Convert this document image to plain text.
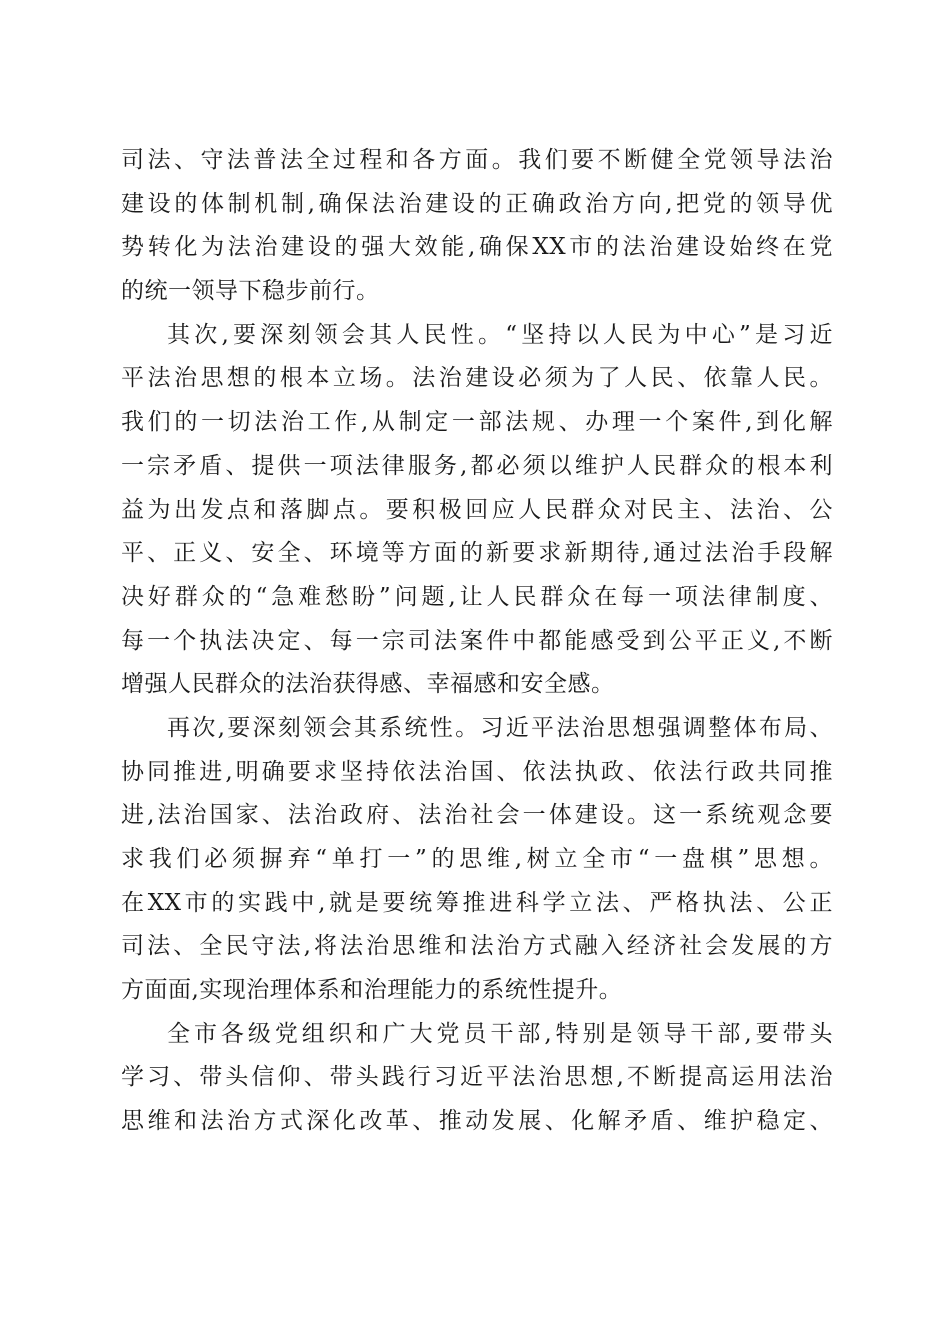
司法、守法普法全过程和各方面。我们要不断健全党领导法治
建设的体制机制,确保法治建设的正确政治方向,把党的领导优
势转化为法治建设的强大效能,确保XX市的法治建设始终在党
的统一领导下稳步前行。
其次,要深刻领会其人民性。“坚持以人民为中心”是习近
平法治思想的根本立场。法治建设必须为了人民、依靠人民。
我们的一切法治工作,从制定一部法规、办理一个案件,到化解
一宗矛盾、提供一项法律服务,都必须以维护人民群众的根本利
益为出发点和落脚点。要积极回应人民群众对民主、法治、公
平、正义、安全、环境等方面的新要求新期待,通过法治手段解
决好群众的“急难愁盼”问题,让人民群众在每一项法律制度、
每一个执法决定、每一宗司法案件中都能感受到公平正义,不断
增强人民群众的法治获得感、幸福感和安全感。
再次,要深刻领会其系统性。习近平法治思想强调整体布局、
协同推进,明确要求坚持依法治国、依法执政、依法行政共同推
进,法治国家、法治政府、法治社会一体建设。这一系统观念要
求我们必须摒弃“单打一”的思维,树立全市“一盘棋”思想。
在XX市的实践中,就是要统筹推进科学立法、严格执法、公正
司法、全民守法,将法治思维和法治方式融入经济社会发展的方
方面面,实现治理体系和治理能力的系统性提升。
全市各级党组织和广大党员干部,特别是领导干部,要带头
学习、带头信仰、带头践行习近平法治思想,不断提高运用法治
思维和法治方式深化改革、推动发展、化解矛盾、维护稳定、
